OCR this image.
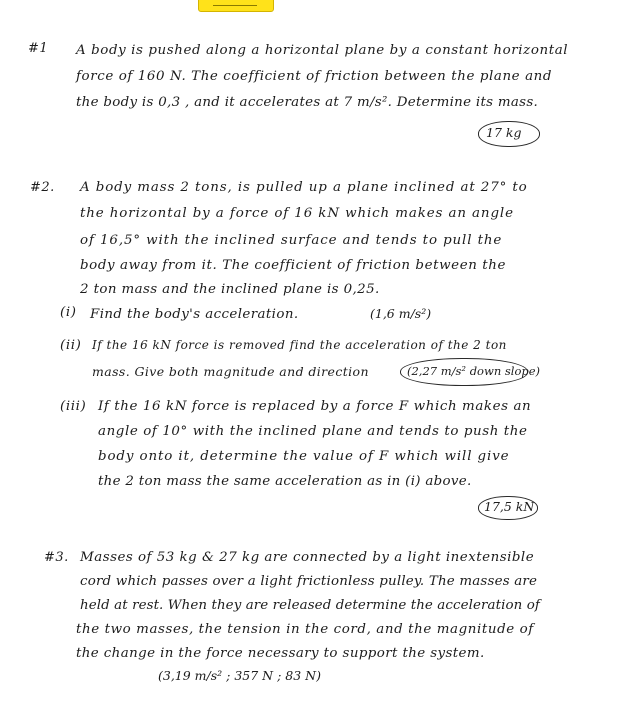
#1 A body is pushed along a horizontal plane by a constant horizontal
force of 160 N. The coefficient of friction between the plane and
the body is 0,3 , and it accelerates at 7 m/s². Determine its mass.
17 kg
#2. A body mass 2 tons, is pulled up a plane inclined at 27° to
the horizontal by a force of 16 kN which makes an angle
of 16,5° with the inclined surface and tends to pull the
body away from it. The coefficient of friction between the
2 ton mass and the inclined plane is 0,25.
(i) Find the body's acceleration.	(1,6 m/s²)
(ii) If the 16 kN force is removed find the acceleration of the 2 ton
mass. Give both magnitude and direction	(2,27 m/s² down slope)
(iii) If the 16 kN force is replaced by a force F which makes an
angle of 10° with the inclined plane and tends to push the
body onto it, determine the value of F which will give
the 2 ton mass the same acceleration as in (i) above.
17,5 kN
#3. Masses of 53 kg & 27 kg are connected by a light inextensible
cord which passes over a light frictionless pulley. The masses are
held at rest. When they are released determine the acceleration of
the two masses, the tension in the cord, and the magnitude of
the change in the force necessary to support the system.
(3,19 m/s² ; 357 N ; 83 N)
